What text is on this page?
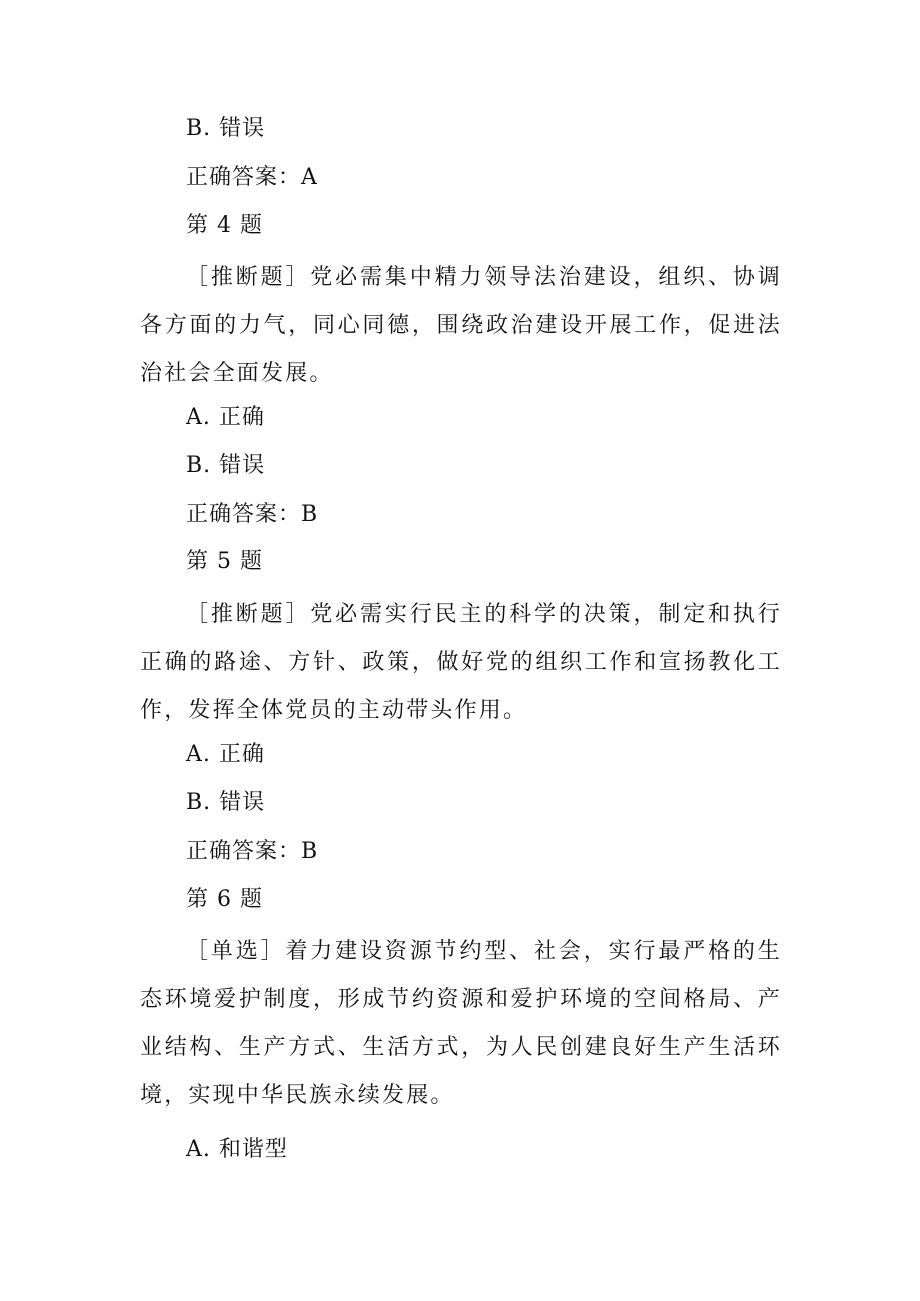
B. 错误
正确答案：A
第 4 题
［推断题］党必需集中精力领导法治建设，组织、协调各方面的力气，同心同德，围绕政治建设开展工作，促进法治社会全面发展。
A. 正确
B. 错误
正确答案：B
第 5 题
［推断题］党必需实行民主的科学的决策，制定和执行正确的路途、方针、政策，做好党的组织工作和宣扬教化工作，发挥全体党员的主动带头作用。
A. 正确
B. 错误
正确答案：B
第 6 题
［单选］着力建设资源节约型、社会，实行最严格的生态环境爱护制度，形成节约资源和爱护环境的空间格局、产业结构、生产方式、生活方式，为人民创建良好生产生活环境，实现中华民族永续发展。
A. 和谐型
